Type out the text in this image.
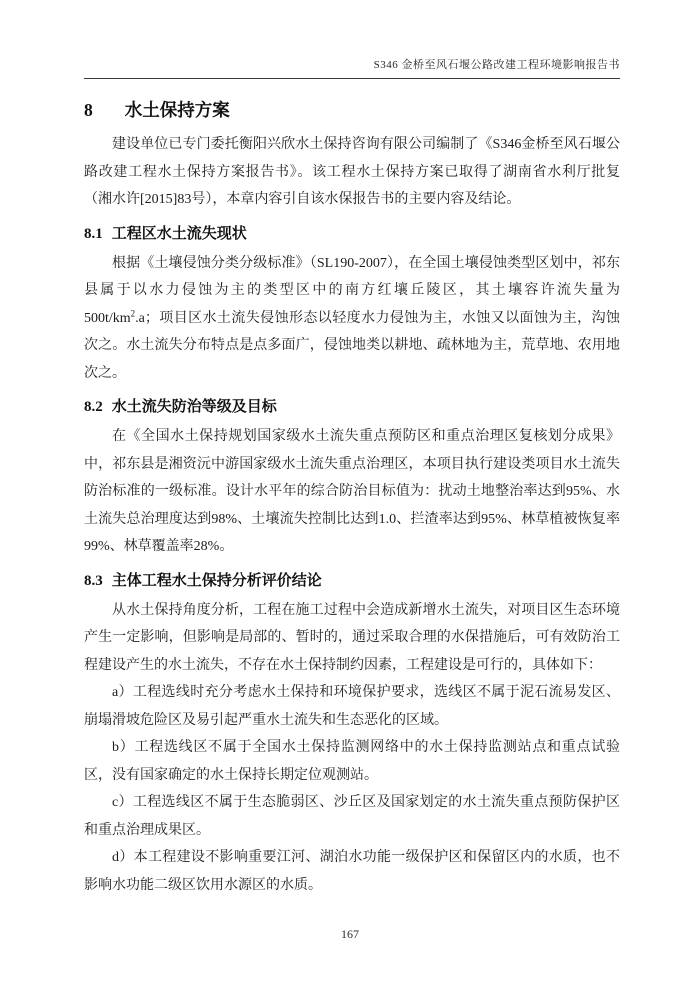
S346 金桥至风石堰公路改建工程环境影响报告书
8 水土保持方案

建设单位已专门委托衡阳兴欣水土保持咨询有限公司编制了《S346金桥至风石堰公路改建工程水土保持方案报告书》。该工程水土保持方案已取得了湖南省水利厅批复（湘水许[2015]83号），本章内容引自该水保报告书的主要内容及结论。

8.1 工程区水土流失现状

根据《土壤侵蚀分类分级标准》（SL190-2007），在全国土壤侵蚀类型区划中，祁东县属于以水力侵蚀为主的类型区中的南方红壤丘陵区，其土壤容许流失量为$500t/km^2.a$；项目区水土流失侵蚀形态以轻度水力侵蚀为主，水蚀又以面蚀为主，沟蚀次之。水土流失分布特点是点多面广，侵蚀地类以耕地、疏林地为主，荒草地、农用地次之。

8.2 水土流失防治等级及目标

在《全国水土保持规划国家级水土流失重点预防区和重点治理区复核划分成果》中，祁东县是湘资沅中游国家级水土流失重点治理区，本项目执行建设类项目水土流失防治标准的一级标准。设计水平年的综合防治目标值为：扰动土地整治率达到95%、水土流失总治理度达到98%、土壤流失控制比达到1.0、拦渣率达到95%、林草植被恢复率99%、林草覆盖率28%。

8.3 主体工程水土保持分析评价结论

从水土保持角度分析，工程在施工过程中会造成新增水土流失，对项目区生态环境产生一定影响，但影响是局部的、暂时的，通过采取合理的水保措施后，可有效防治工程建设产生的水土流失，不存在水土保持制约因素，工程建设是可行的，具体如下：

a）工程选线时充分考虑水土保持和环境保护要求，选线区不属于泥石流易发区、崩塌滑坡危险区及易引起严重水土流失和生态恶化的区域。

b）工程选线区不属于全国水土保持监测网络中的水土保持监测站点和重点试验区，没有国家确定的水土保持长期定位观测站。

c）工程选线区不属于生态脆弱区、沙丘区及国家划定的水土流失重点预防保护区和重点治理成果区。

d）本工程建设不影响重要江河、湖泊水功能一级保护区和保留区内的水质，也不影响水功能二级区饮用水源区的水质。

167
